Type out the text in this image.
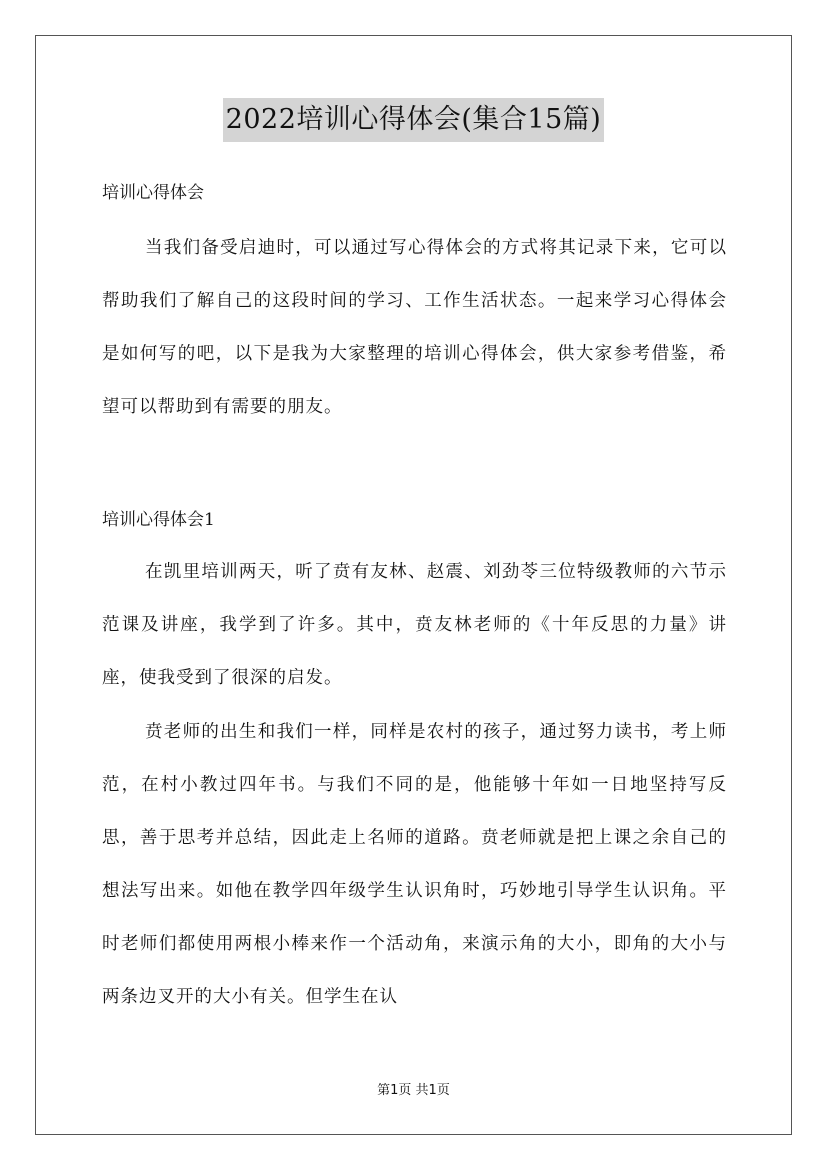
2022培训心得体会(集合15篇)

培训心得体会

当我们备受启迪时，可以通过写心得体会的方式将其记录下来，它可以帮助我们了解自己的这段时间的学习、工作生活状态。一起来学习心得体会是如何写的吧，以下是我为大家整理的培训心得体会，供大家参考借鉴，希望可以帮助到有需要的朋友。

培训心得体会1

在凯里培训两天，听了贲有友林、赵震、刘劲苓三位特级教师的六节示范课及讲座，我学到了许多。其中，贲友林老师的《十年反思的力量》讲座，使我受到了很深的启发。

贲老师的出生和我们一样，同样是农村的孩子，通过努力读书，考上师范，在村小教过四年书。与我们不同的是，他能够十年如一日地坚持写反思，善于思考并总结，因此走上名师的道路。贲老师就是把上课之余自己的想法写出来。如他在教学四年级学生认识角时，巧妙地引导学生认识角。平时老师们都使用两根小棒来作一个活动角，来演示角的大小，即角的大小与两条边叉开的大小有关。但学生在认

第1页 共1页
